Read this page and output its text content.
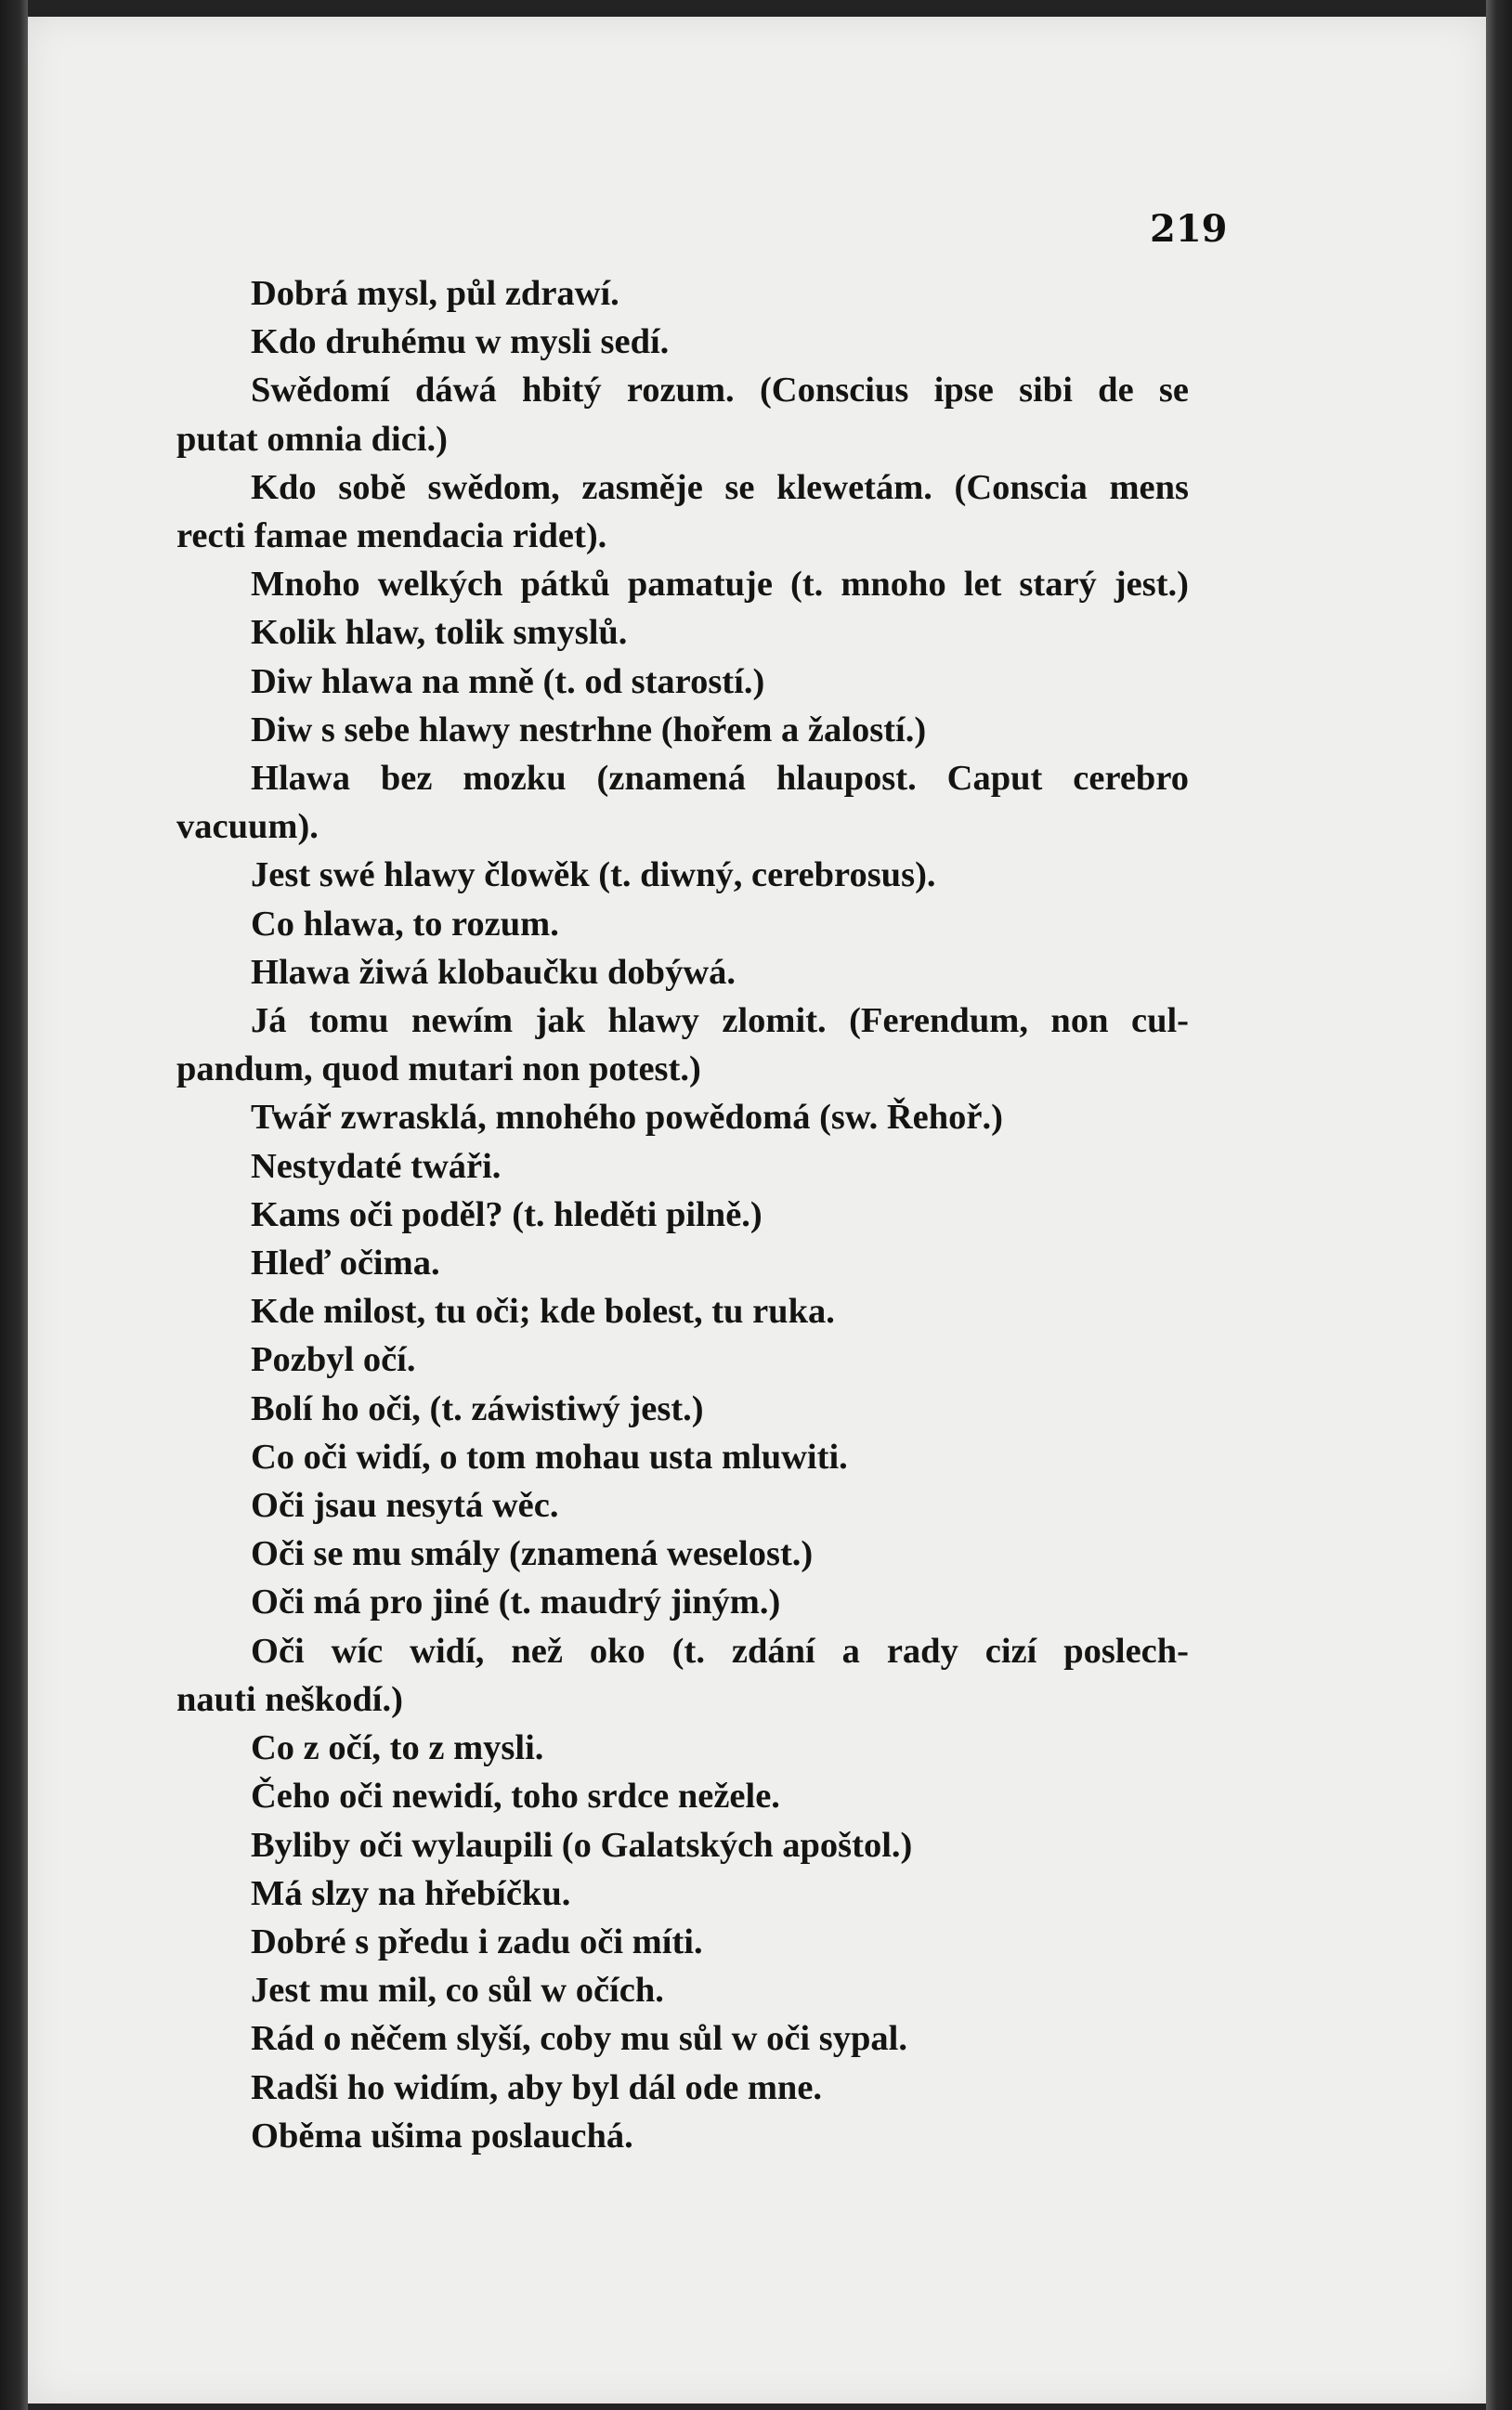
219
Dobrá mysl, půl zdrawí.
Kdo druhému w mysli sedí.
Swědomí dáwá hbitý rozum. (Conscius ipse sibi de se
putat omnia dici.)
Kdo sobě swědom, zasměje se klewetám. (Conscia mens
recti famae mendacia ridet).
Mnoho welkých pátků pamatuje (t. mnoho let starý jest.)
Kolik hlaw, tolik smyslů.
Diw hlawa na mně (t. od starostí.)
Diw s sebe hlawy nestrhne (hořem a žalostí.)
Hlawa bez mozku (znamená hlaupost. Caput cerebro
vacuum).
Jest swé hlawy člowěk (t. diwný, cerebrosus).
Co hlawa, to rozum.
Hlawa žiwá klobaučku dobýwá.
Já tomu newím jak hlawy zlomit. (Ferendum, non cul-
pandum, quod mutari non potest.)
Twář zwrasklá, mnohého powědomá (sw. Řehoř.)
Nestydaté twáři.
Kams oči poděl? (t. hleděti pilně.)
Hleď očima.
Kde milost, tu oči; kde bolest, tu ruka.
Pozbyl očí.
Bolí ho oči, (t. záwistiwý jest.)
Co oči widí, o tom mohau usta mluwiti.
Oči jsau nesytá wěc.
Oči se mu smály (znamená weselost.)
Oči má pro jiné (t. maudrý jiným.)
Oči wíc widí, než oko (t. zdání a rady cizí poslech-
nauti neškodí.)
Co z očí, to z mysli.
Čeho oči newidí, toho srdce nežele.
Byliby oči wylaupili (o Galatských apoštol.)
Má slzy na hřebíčku.
Dobré s předu i zadu oči míti.
Jest mu mil, co sůl w očích.
Rád o něčem slyší, coby mu sůl w oči sypal.
Radši ho widím, aby byl dál ode mne.
Oběma ušima poslauchá.
